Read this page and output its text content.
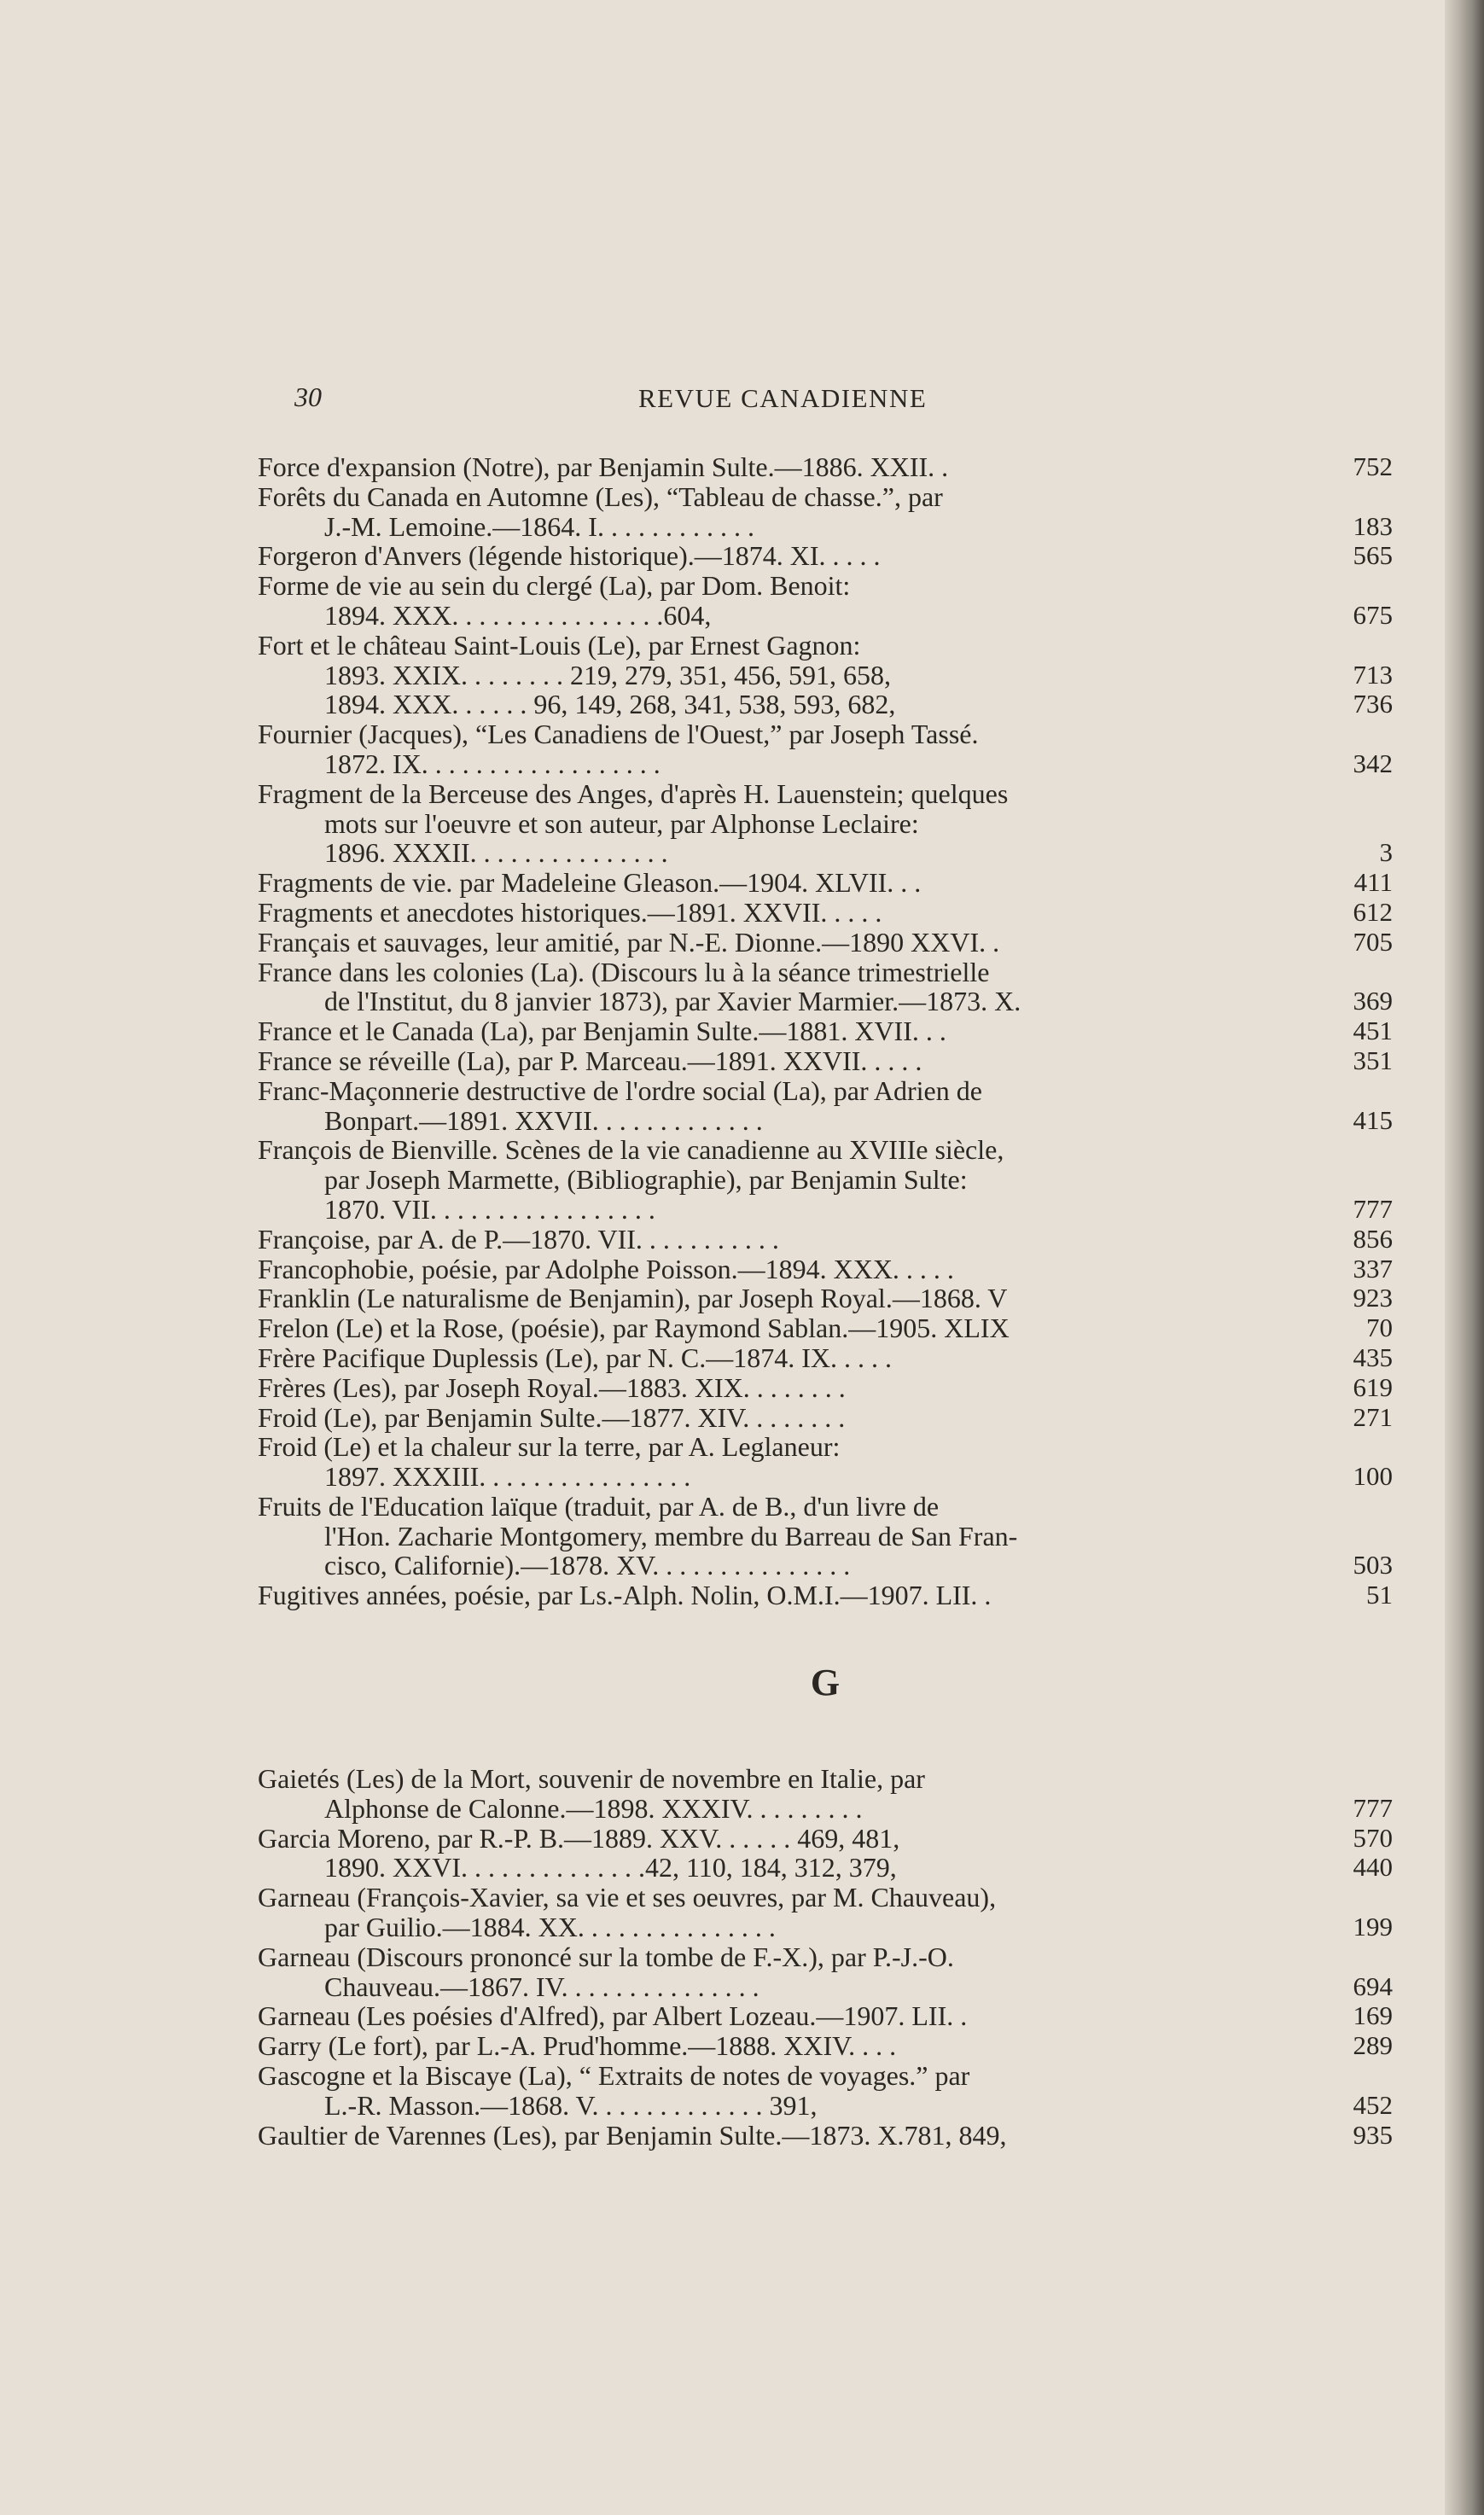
30	REVUE CANADIENNE
Force d'expansion (Notre), par Benjamin Sulte.—1886. XXII. .	752
Forêts du Canada en Automne (Les), “Tableau de chasse.”, par
J.-M. Lemoine.—1864. I. . . . . . . . . . . .	183
Forgeron d'Anvers (légende historique).—1874. XI. . . . .	565
Forme de vie au sein du clergé (La), par Dom. Benoit:
1894. XXX. . . . . . . . . . . . . . . .604,	675
Fort et le château Saint-Louis (Le), par Ernest Gagnon:
1893. XXIX. . . . . . . . 219, 279, 351, 456, 591, 658,	713
1894. XXX. . . . . . 96, 149, 268, 341, 538, 593, 682,	736
Fournier (Jacques), “Les Canadiens de l'Ouest,” par Joseph Tassé.
1872. IX. . . . . . . . . . . . . . . . . .	342
Fragment de la Berceuse des Anges, d'après H. Lauenstein; quelques
mots sur l'oeuvre et son auteur, par Alphonse Leclaire:
1896. XXXII. . . . . . . . . . . . . . .	3
Fragments de vie. par Madeleine Gleason.—1904. XLVII. . .	411
Fragments et anecdotes historiques.—1891. XXVII. . . . .	612
Français et sauvages, leur amitié, par N.-E. Dionne.—1890 XXVI. .	705
France dans les colonies (La). (Discours lu à la séance trimestrielle
de l'Institut, du 8 janvier 1873), par Xavier Marmier.—1873. X.	369
France et le Canada (La), par Benjamin Sulte.—1881. XVII. . .	451
France se réveille (La), par P. Marceau.—1891. XXVII. . . . .	351
Franc-Maçonnerie destructive de l'ordre social (La), par Adrien de
Bonpart.—1891. XXVII. . . . . . . . . . . . .	415
François de Bienville. Scènes de la vie canadienne au XVIIIe siècle,
par Joseph Marmette, (Bibliographie), par Benjamin Sulte:
1870. VII. . . . . . . . . . . . . . . . .	777
Françoise, par A. de P.—1870. VII. . . . . . . . . . .	856
Francophobie, poésie, par Adolphe Poisson.—1894. XXX. . . . .	337
Franklin (Le naturalisme de Benjamin), par Joseph Royal.—1868. V	923
Frelon (Le) et la Rose, (poésie), par Raymond Sablan.—1905. XLIX	70
Frère Pacifique Duplessis (Le), par N. C.—1874. IX. . . . .	435
Frères (Les), par Joseph Royal.—1883. XIX. . . . . . . .	619
Froid (Le), par Benjamin Sulte.—1877. XIV. . . . . . . .	271
Froid (Le) et la chaleur sur la terre, par A. Leglaneur:
1897. XXXIII. . . . . . . . . . . . . . . .	100
Fruits de l'Education laïque (traduit, par A. de B., d'un livre de
l'Hon. Zacharie Montgomery, membre du Barreau de San Fran-
cisco, Californie).—1878. XV. . . . . . . . . . . . . . .	503
Fugitives années, poésie, par Ls.-Alph. Nolin, O.M.I.—1907. LII. .	51
G
Gaietés (Les) de la Mort, souvenir de novembre en Italie, par
Alphonse de Calonne.—1898. XXXIV. . . . . . . . .	777
Garcia Moreno, par R.-P. B.—1889. XXV. . . . . . 469, 481,	570
1890. XXVI. . . . . . . . . . . . . .42, 110, 184, 312, 379,	440
Garneau (François-Xavier, sa vie et ses oeuvres, par M. Chauveau),
par Guilio.—1884. XX. . . . . . . . . . . . . . .	199
Garneau (Discours prononcé sur la tombe de F.-X.), par P.-J.-O.
Chauveau.—1867. IV. . . . . . . . . . . . . . .	694
Garneau (Les poésies d'Alfred), par Albert Lozeau.—1907. LII. .	169
Garry (Le fort), par L.-A. Prud'homme.—1888. XXIV. . . .	289
Gascogne et la Biscaye (La), “ Extraits de notes de voyages.” par
L.-R. Masson.—1868. V. . . . . . . . . . . . . 391,	452
Gaultier de Varennes (Les), par Benjamin Sulte.—1873. X.781, 849,	935
